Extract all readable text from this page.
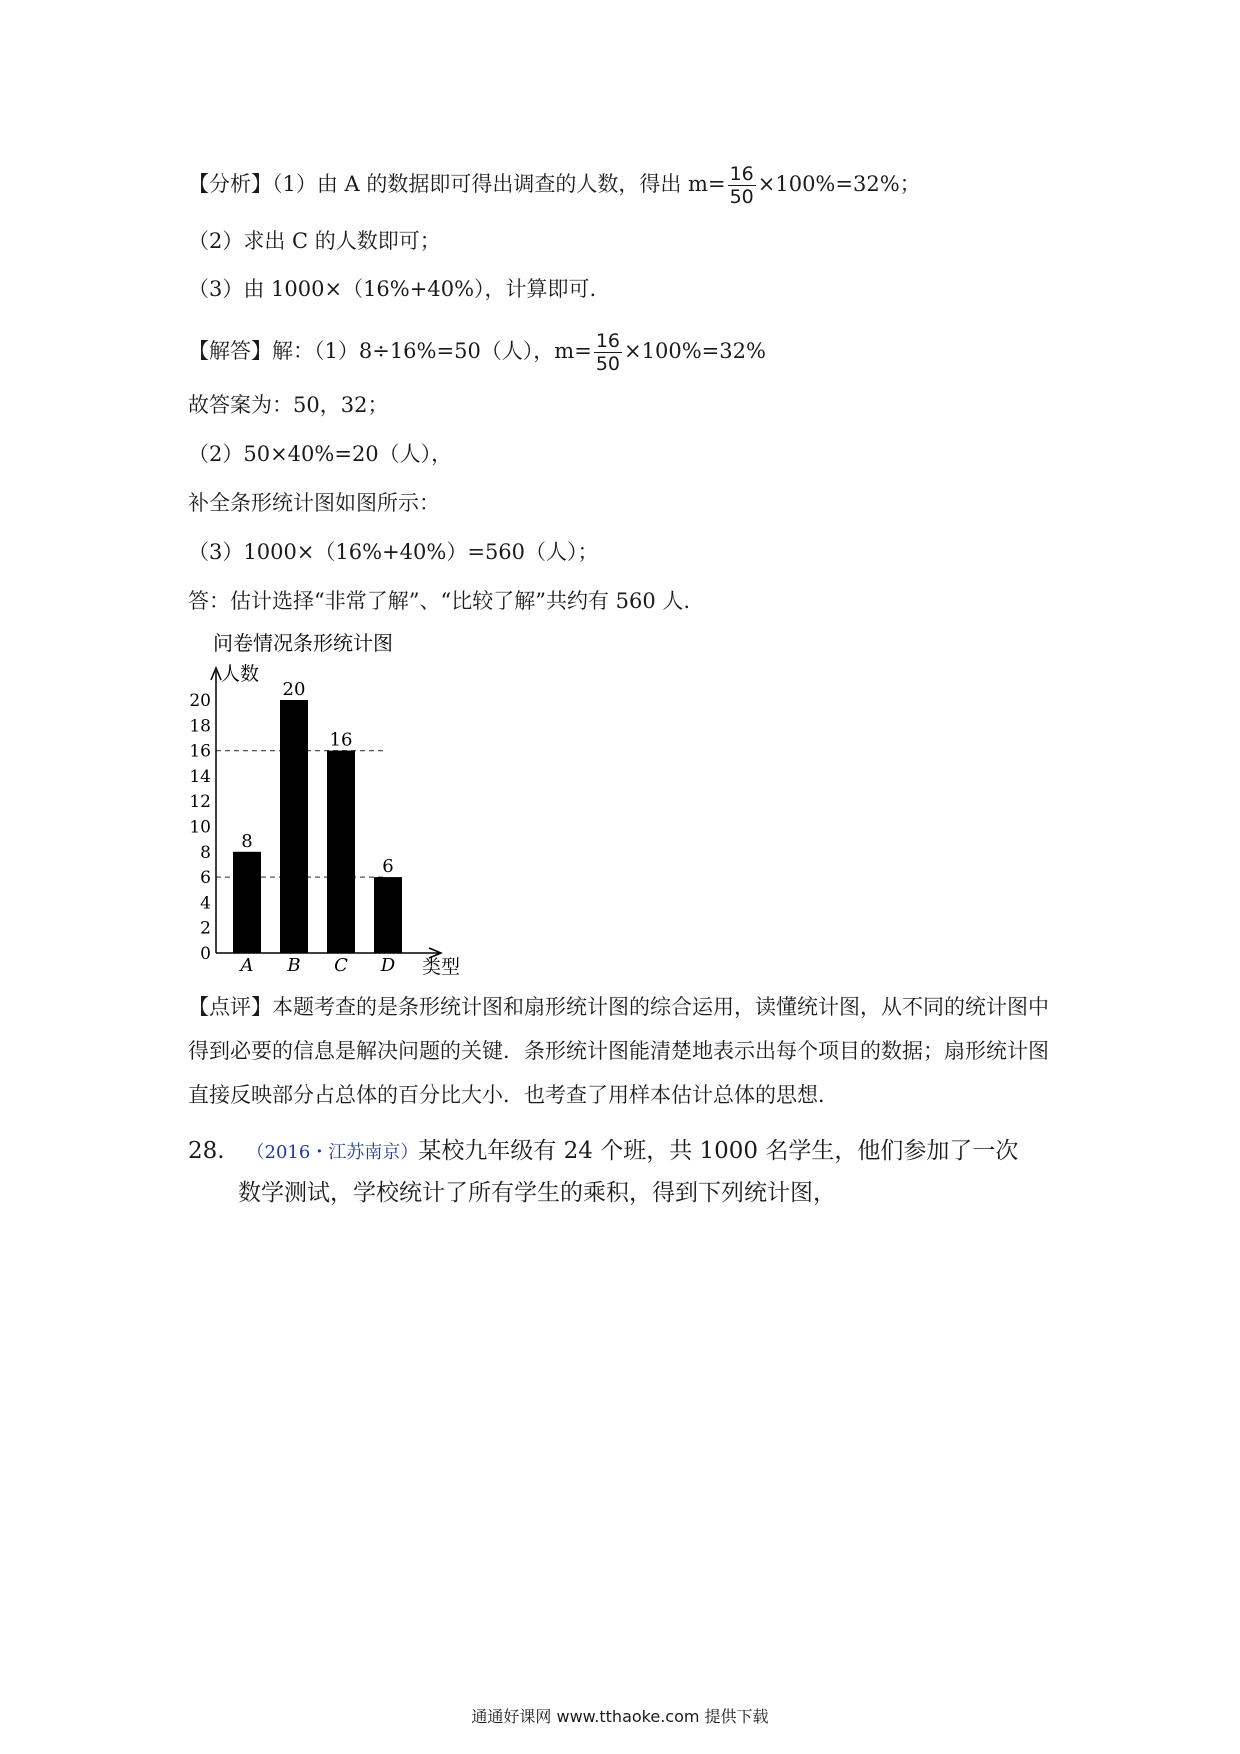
【分析】（1）由 A 的数据即可得出调查的人数，得出 $m= \frac{16}{50} \times 100\%=32\%$；
（2）求出 C 的人数即可；
（3）由 1000×（16%+40%），计算即可.
【解答】解：（1）8÷16%=50（人），$m= \frac{16}{50} \times 100\%=32\%$
故答案为：50，32；
（2）50×40%=20（人），
补全条形统计图如图所示：
（3）1000×（16%+40%）=560（人）；
答：估计选择“非常了解”、“比较了解”共约有 560 人.
问卷情况条形统计图
人数
类型
0
2
4
6
8
10
12
14
16
18
20
A B C D
8
20
16
6
【点评】本题考查的是条形统计图和扇形统计图的综合运用，读懂统计图，从不同的统计图中得到必要的信息是解决问题的关键．条形统计图能清楚地表示出每个项目的数据；扇形统计图直接反映部分占总体的百分比大小．也考查了用样本估计总体的思想．
28. （2016・江苏南京）某校九年级有 24 个班，共 1000 名学生，他们参加了一次
数学测试，学校统计了所有学生的乘积，得到下列统计图，
通通好课网 www.tthaoke.com 提供下载
